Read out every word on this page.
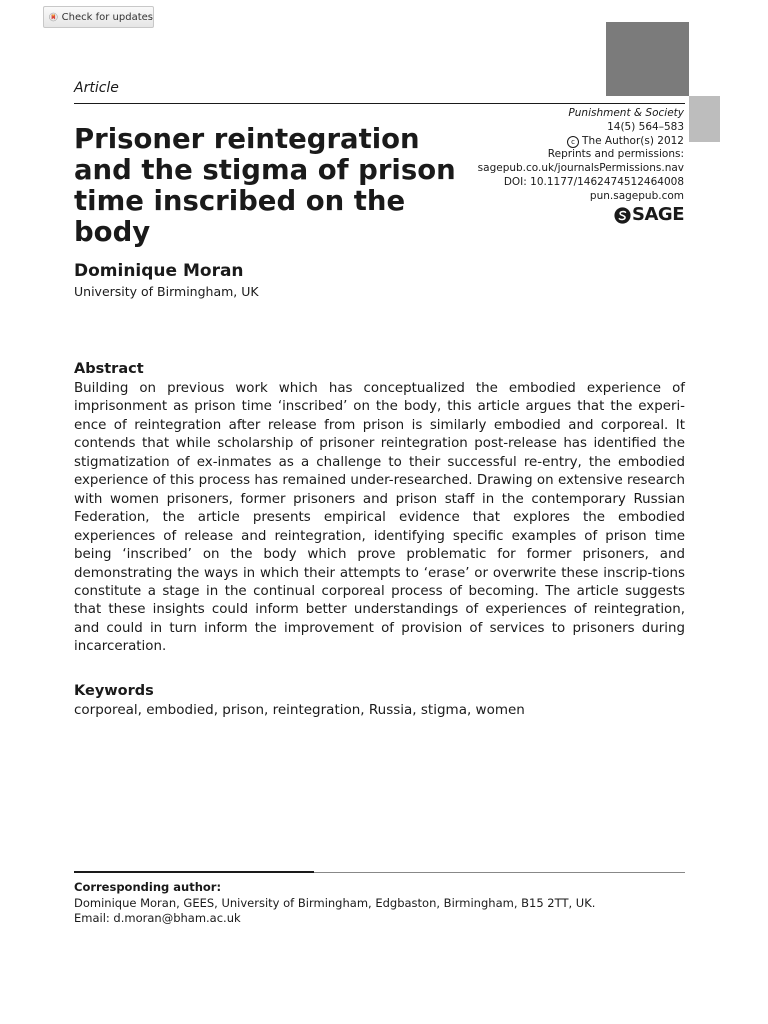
Check for updates
Article
Punishment & Society
14(5) 564–583
c The Author(s) 2012
Reprints and permissions:
sagepub.co.uk/journalsPermissions.nav
DOI: 10.1177/1462474512464008
pun.sagepub.com
SAGE
Prisoner reintegration and the stigma of prison time inscribed on the body
Dominique Moran
University of Birmingham, UK
Abstract

Building on previous work which has conceptualized the embodied experience of imprisonment as prison time ‘inscribed’ on the body, this article argues that the experi-ence of reintegration after release from prison is similarly embodied and corporeal. It contends that while scholarship of prisoner reintegration post-release has identified the stigmatization of ex-inmates as a challenge to their successful re-entry, the embodied experience of this process has remained under-researched. Drawing on extensive research with women prisoners, former prisoners and prison staff in the contemporary Russian Federation, the article presents empirical evidence that explores the embodied experiences of release and reintegration, identifying specific examples of prison time being ‘inscribed’ on the body which prove problematic for former prisoners, and demonstrating the ways in which their attempts to ‘erase’ or overwrite these inscrip-tions constitute a stage in the continual corporeal process of becoming. The article suggests that these insights could inform better understandings of experiences of reintegration, and could in turn inform the improvement of provision of services to prisoners during incarceration.

Keywords
corporeal, embodied, prison, reintegration, Russia, stigma, women
Corresponding author:
Dominique Moran, GEES, University of Birmingham, Edgbaston, Birmingham, B15 2TT, UK.
Email: d.moran@bham.ac.uk
